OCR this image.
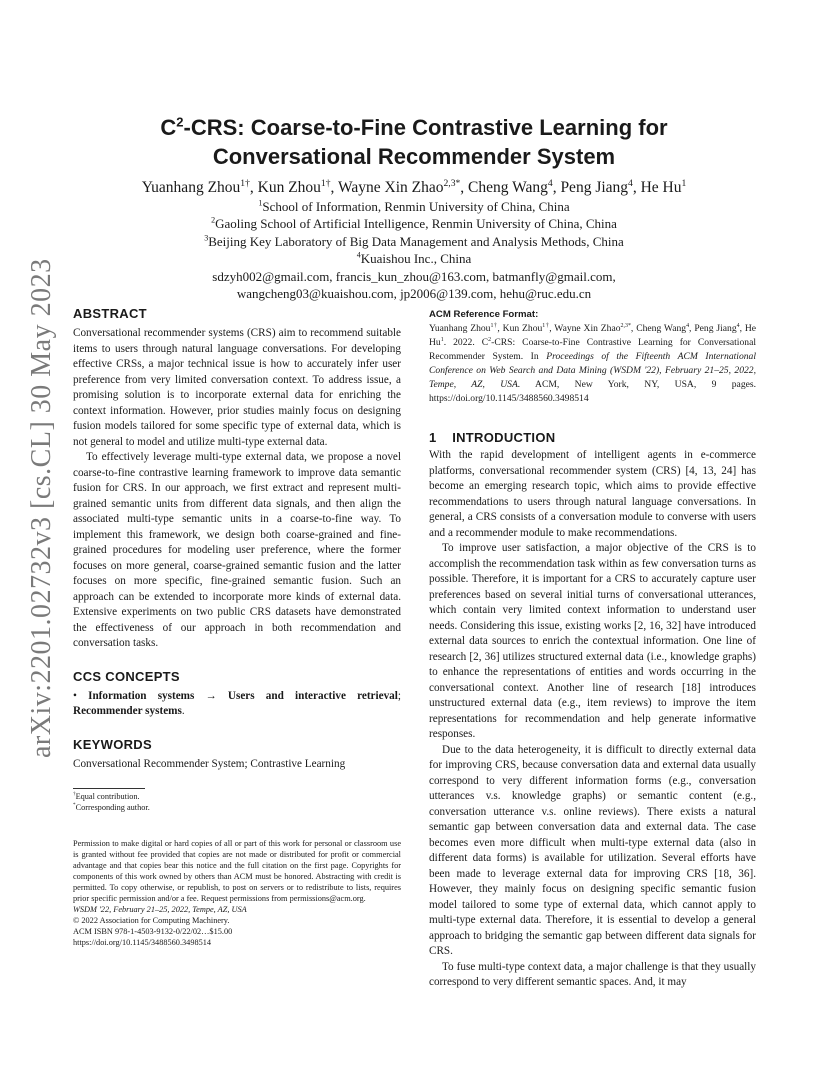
arXiv:2201.02732v3 [cs.CL] 30 May 2023
$C^2$-CRS: Coarse-to-Fine Contrastive Learning for
Conversational Recommender System
Yuanhang Zhou$^{1\dagger}$, Kun Zhou$^{1\dagger}$, Wayne Xin Zhao$^{2,3*}$, Cheng Wang$^4$, Peng Jiang$^4$, He Hu$^1$
$^1$School of Information, Renmin University of China, China
$^2$Gaoling School of Artificial Intelligence, Renmin University of China, China
$^3$Beijing Key Laboratory of Big Data Management and Analysis Methods, China
$^4$Kuaishou Inc., China
sdzyh002@gmail.com, francis_kun_zhou@163.com, batmanfly@gmail.com,
wangcheng03@kuaishou.com, jp2006@139.com, hehu@ruc.edu.cn
ABSTRACT

Conversational recommender systems (CRS) aim to recommend suitable items to users through natural language conversations. For developing effective CRSs, a major technical issue is how to accurately infer user preference from very limited conversation context. To address issue, a promising solution is to incorporate external data for enriching the context information. However, prior studies mainly focus on designing fusion models tailored for some specific type of external data, which is not general to model and utilize multi-type external data.

To effectively leverage multi-type external data, we propose a novel coarse-to-fine contrastive learning framework to improve data semantic fusion for CRS. In our approach, we first extract and represent multi-grained semantic units from different data signals, and then align the associated multi-type semantic units in a coarse-to-fine way. To implement this framework, we design both coarse-grained and fine-grained procedures for modeling user preference, where the former focuses on more general, coarse-grained semantic fusion and the latter focuses on more specific, fine-grained semantic fusion. Such an approach can be extended to incorporate more kinds of external data. Extensive experiments on two public CRS datasets have demonstrated the effectiveness of our approach in both recommendation and conversation tasks.

CCS CONCEPTS

• Information systems → Users and interactive retrieval; Recommender systems.

KEYWORDS

Conversational Recommender System; Contrastive Learning

†Equal contribution.
*Corresponding author.

Permission to make digital or hard copies of all or part of this work for personal or classroom use is granted without fee provided that copies are not made or distributed for profit or commercial advantage and that copies bear this notice and the full citation on the first page. Copyrights for components of this work owned by others than ACM must be honored. Abstracting with credit is permitted. To copy otherwise, or republish, to post on servers or to redistribute to lists, requires prior specific permission and/or a fee. Request permissions from permissions@acm.org.

WSDM '22, February 21–25, 2022, Tempe, AZ, USA

© 2022 Association for Computing Machinery.

ACM ISBN 978-1-4503-9132-0/22/02…$15.00

https://doi.org/10.1145/3488560.3498514

ACM Reference Format:

Yuanhang Zhou$^{1\dagger}$, Kun Zhou$^{1\dagger}$, Wayne Xin Zhao$^{2,3*}$, Cheng Wang$^4$, Peng Jiang$^4$, He Hu$^1$. 2022. $C^2$-CRS: Coarse-to-Fine Contrastive Learning for Conversational Recommender System. In Proceedings of the Fifteenth ACM International Conference on Web Search and Data Mining (WSDM '22), February 21–25, 2022, Tempe, AZ, USA. ACM, New York, NY, USA, 9 pages. https://doi.org/10.1145/3488560.3498514

1 INTRODUCTION

With the rapid development of intelligent agents in e-commerce platforms, conversational recommender system (CRS) [4, 13, 24] has become an emerging research topic, which aims to provide effective recommendations to users through natural language conversations. In general, a CRS consists of a conversation module to converse with users and a recommender module to make recommendations.

To improve user satisfaction, a major objective of the CRS is to accomplish the recommendation task within as few conversation turns as possible. Therefore, it is important for a CRS to accurately capture user preferences based on several initial turns of conversational utterances, which contain very limited context information to understand user needs. Considering this issue, existing works [2, 16, 32] have introduced external data sources to enrich the contextual information. One line of research [2, 36] utilizes structured external data (i.e., knowledge graphs) to enhance the representations of entities and words occurring in the conversational context. Another line of research [18] introduces unstructured external data (e.g., item reviews) to improve the item representations for recommendation and help generate informative responses.

Due to the data heterogeneity, it is difficult to directly external data for improving CRS, because conversation data and external data usually correspond to very different information forms (e.g., conversation utterances v.s. knowledge graphs) or semantic content (e.g., conversation utterance v.s. online reviews). There exists a natural semantic gap between conversation data and external data. The case becomes even more difficult when multi-type external data (also in different data forms) is available for utilization. Several efforts have been made to leverage external data for improving CRS [18, 36]. However, they mainly focus on designing specific semantic fusion model tailored to some type of external data, which cannot apply to multi-type external data. Therefore, it is essential to develop a general approach to bridging the semantic gap between different data signals for CRS.

To fuse multi-type context data, a major challenge is that they usually correspond to very different semantic spaces. And, it may
